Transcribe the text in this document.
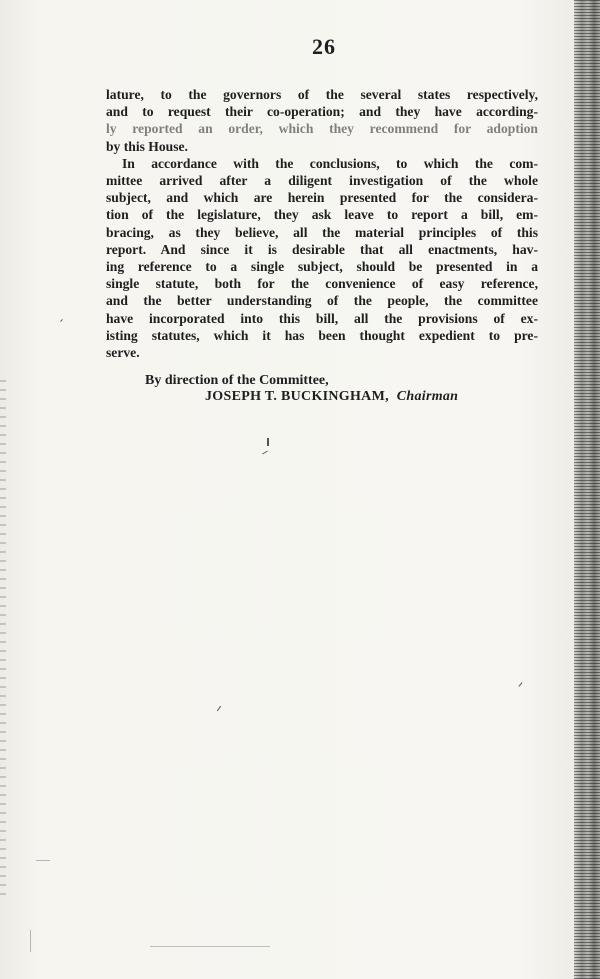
26
lature, to the governors of the several states respectively,
and to request their co-operation; and they have according-
ly reported an order, which they recommend for adoption
by this House.
In accordance with the conclusions, to which the com-
mittee arrived after a diligent investigation of the whole
subject, and which are herein presented for the considera-
tion of the legislature, they ask leave to report a bill, em-
bracing, as they believe, all the material principles of this
report. And since it is desirable that all enactments, hav-
ing reference to a single subject, should be presented in a
single statute, both for the convenience of easy reference,
and the better understanding of the people, the committee
have incorporated into this bill, all the provisions of ex-
isting statutes, which it has been thought expedient to pre-
serve.
By direction of the Committee,
JOSEPH T. BUCKINGHAM, Chairman
